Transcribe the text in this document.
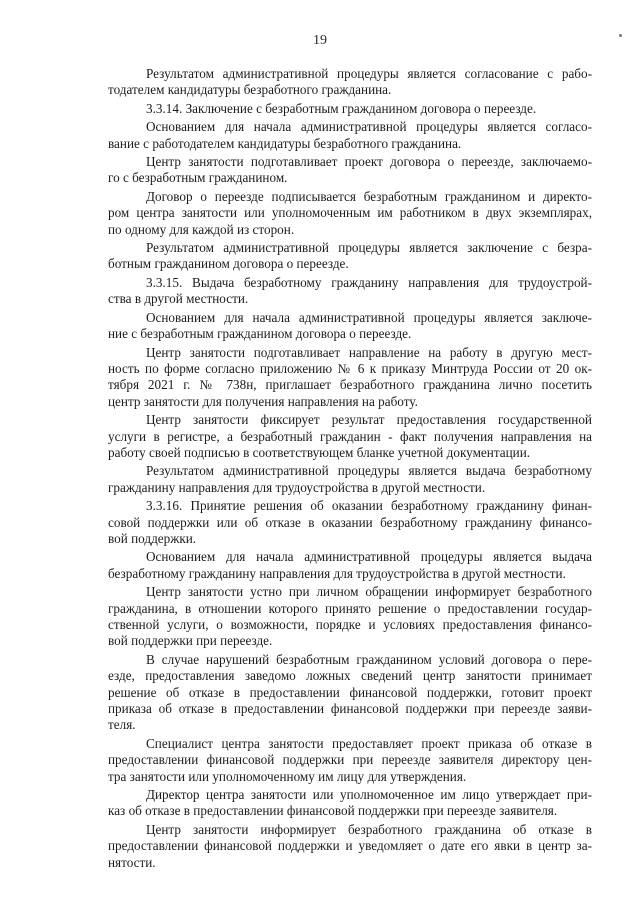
19

Результатом административной процедуры является согласование с рабо-
тодателем кандидатуры безработного гражданина.

3.3.14. Заключение с безработным гражданином договора о переезде.

Основанием для начала административной процедуры является согласо-
вание с работодателем кандидатуры безработного гражданина.

Центр занятости подготавливает проект договора о переезде, заключаемо-
го с безработным гражданином.

Договор о переезде подписывается безработным гражданином и директо-
ром центра занятости или уполномоченным им работником в двух экземплярах,
по одному для каждой из сторон.

Результатом административной процедуры является заключение с безра-
ботным гражданином договора о переезде.

3.3.15. Выдача безработному гражданину направления для трудоустрой-
ства в другой местности.

Основанием для начала административной процедуры является заключе-
ние с безработным гражданином договора о переезде.

Центр занятости подготавливает направление на работу в другую мест-
ность по форме согласно приложению № 6 к приказу Минтруда России от 20 ок-
тября 2021 г. № 738н, приглашает безработного гражданина лично посетить
центр занятости для получения направления на работу.

Центр занятости фиксирует результат предоставления государственной
услуги в регистре, а безработный гражданин - факт получения направления на
работу своей подписью в соответствующем бланке учетной документации.

Результатом административной процедуры является выдача безработному
гражданину направления для трудоустройства в другой местности.

3.3.16. Принятие решения об оказании безработному гражданину финан-
совой поддержки или об отказе в оказании безработному гражданину финансо-
вой поддержки.

Основанием для начала административной процедуры является выдача
безработному гражданину направления для трудоустройства в другой местности.

Центр занятости устно при личном обращении информирует безработного
гражданина, в отношении которого принято решение о предоставлении государ-
ственной услуги, о возможности, порядке и условиях предоставления финансо-
вой поддержки при переезде.

В случае нарушений безработным гражданином условий договора о пере-
езде, предоставления заведомо ложных сведений центр занятости принимает
решение об отказе в предоставлении финансовой поддержки, готовит проект
приказа об отказе в предоставлении финансовой поддержки при переезде заяви-
теля.

Специалист центра занятости предоставляет проект приказа об отказе в
предоставлении финансовой поддержки при переезде заявителя директору цен-
тра занятости или уполномоченному им лицу для утверждения.

Директор центра занятости или уполномоченное им лицо утверждает при-
каз об отказе в предоставлении финансовой поддержки при переезде заявителя.

Центр занятости информирует безработного гражданина об отказе в
предоставлении финансовой поддержки и уведомляет о дате его явки в центр за-
нятости.
